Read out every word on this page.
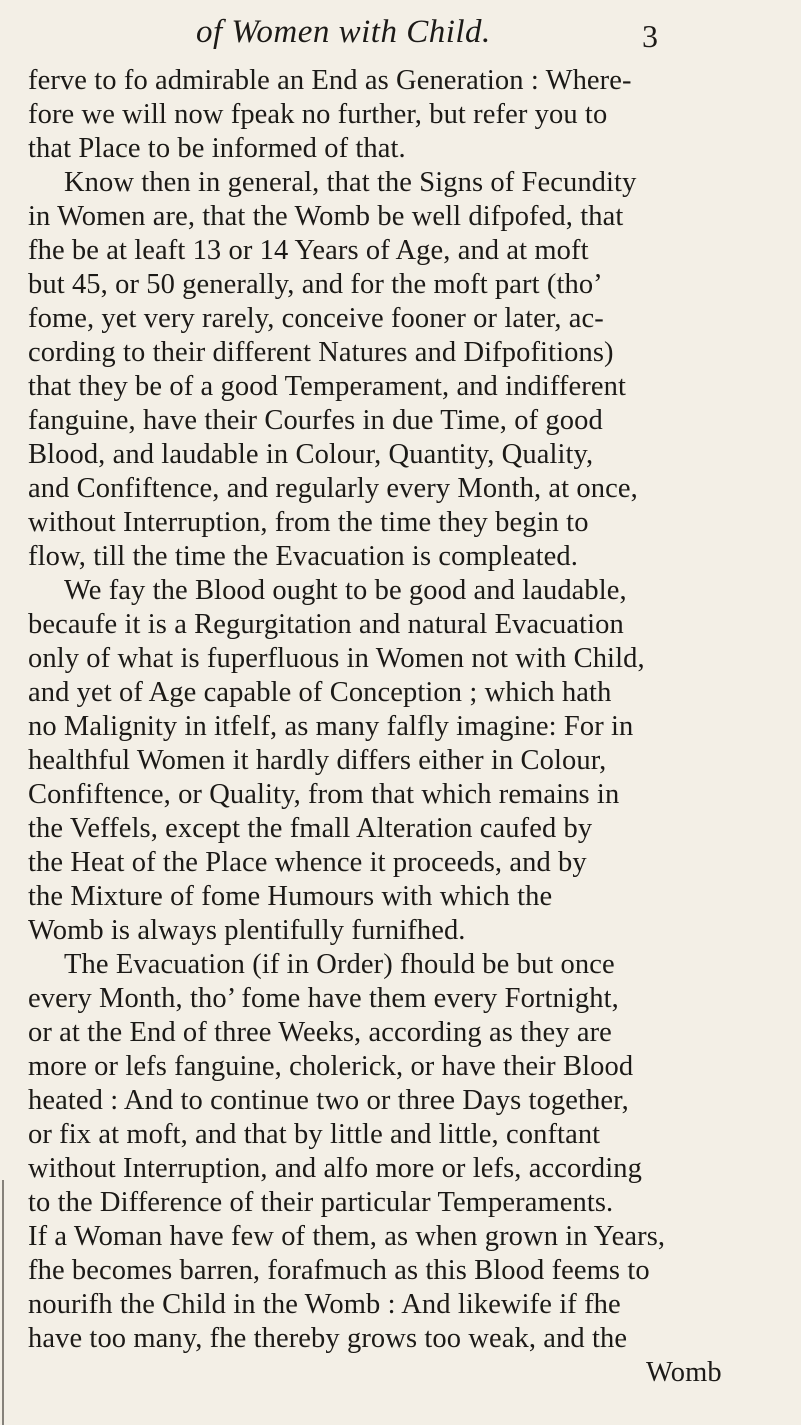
of Women with Child.	3
ferve to fo admirable an End as Generation : Where-
fore we will now fpeak no further, but refer you to
that Place to be informed of that.
Know then in general, that the Signs of Fecundity
in Women are, that the Womb be well difpofed, that
fhe be at leaft 13 or 14 Years of Age, and at moft
but 45, or 50 generally, and for the moft part (tho’
fome, yet very rarely, conceive fooner or later, ac-
cording to their different Natures and Difpofitions)
that they be of a good Temperament, and indifferent
fanguine, have their Courfes in due Time, of good
Blood, and laudable in Colour, Quantity, Quality,
and Confiftence, and regularly every Month, at once,
without Interruption, from the time they begin to
flow, till the time the Evacuation is compleated.
We fay the Blood ought to be good and laudable,
becaufe it is a Regurgitation and natural Evacuation
only of what is fuperfluous in Women not with Child,
and yet of Age capable of Conception ; which hath
no Malignity in itfelf, as many falfly imagine: For in
healthful Women it hardly differs either in Colour,
Confiftence, or Quality, from that which remains in
the Veffels, except the fmall Alteration caufed by
the Heat of the Place whence it proceeds, and by
the Mixture of fome Humours with which the
Womb is always plentifully furnifhed.
The Evacuation (if in Order) fhould be but once
every Month, tho’ fome have them every Fortnight,
or at the End of three Weeks, according as they are
more or lefs fanguine, cholerick, or have their Blood
heated : And to continue two or three Days together,
or fix at moft, and that by little and little, conftant
without Interruption, and alfo more or lefs, according
to the Difference of their particular Temperaments.
If a Woman have few of them, as when grown in Years,
fhe becomes barren, forafmuch as this Blood feems to
nourifh the Child in the Womb : And likewife if fhe
have too many, fhe thereby grows too weak, and the
Womb
